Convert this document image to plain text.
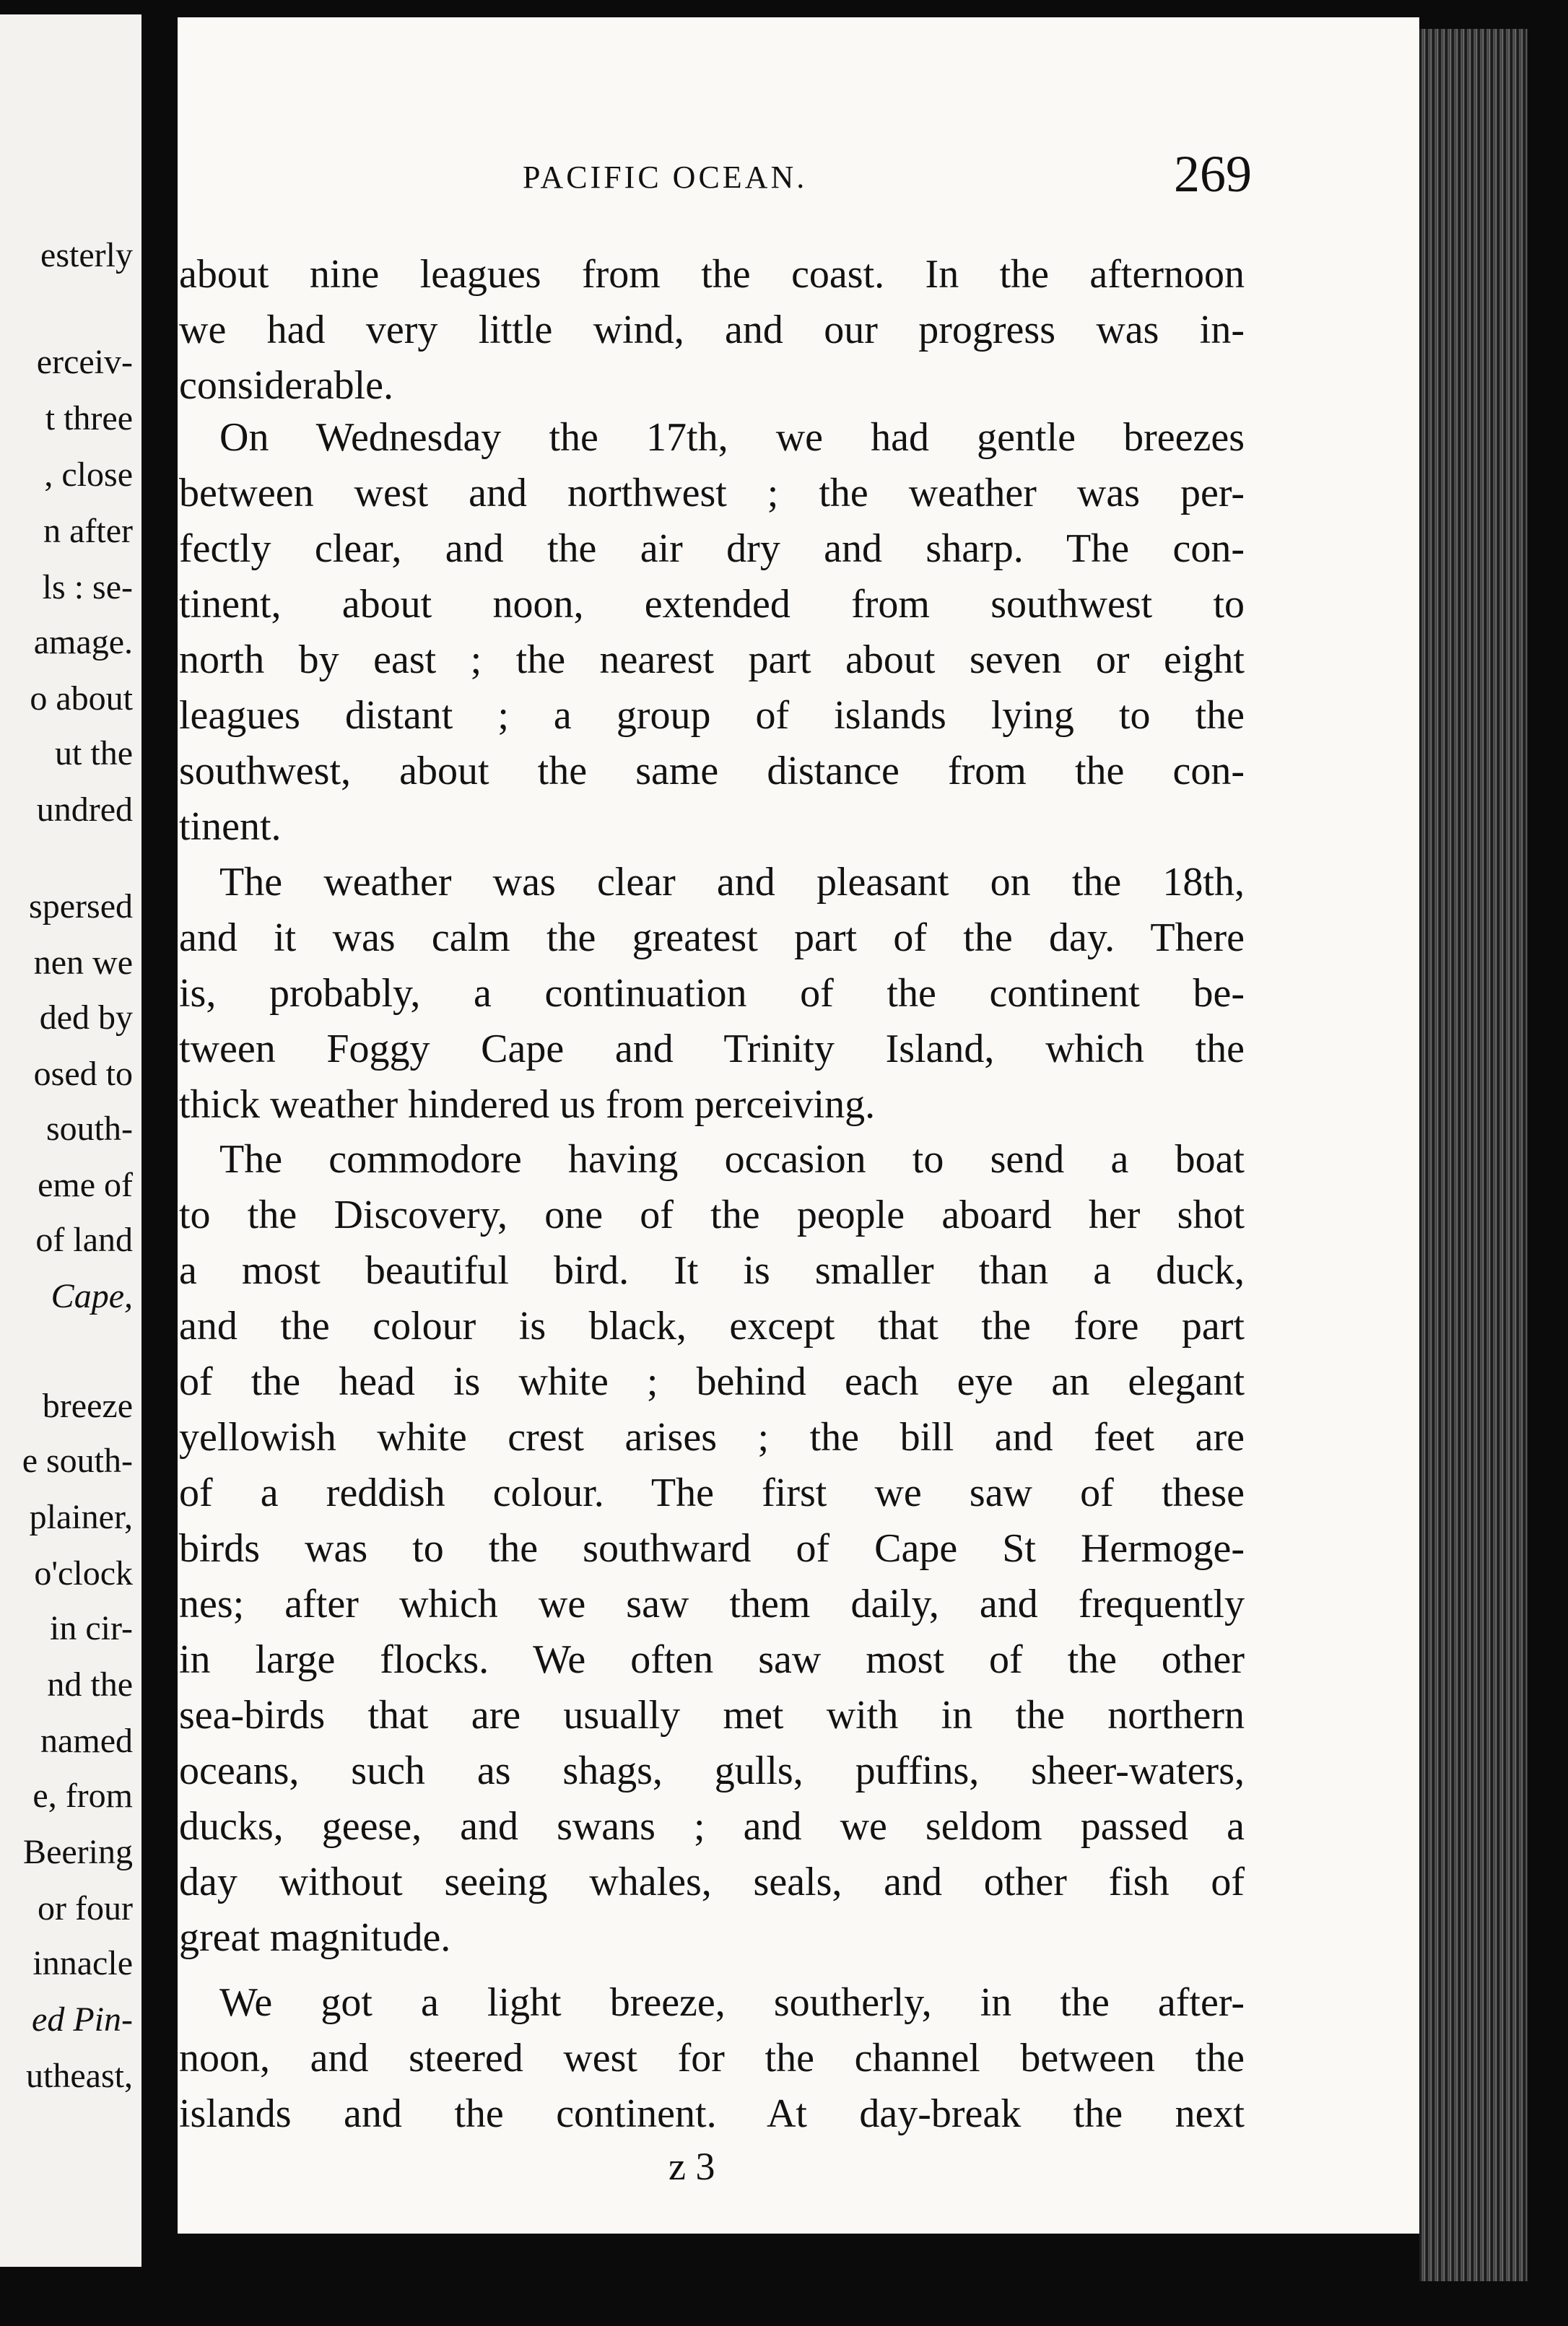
esterly
erceiv-
t three
, close
n after
ls : se-
amage.
o about
ut the
undred
spersed
nen we
ded by
osed to
south-
eme of
of land
Cape,
breeze
e south-
plainer,
o'clock
in cir-
nd the
named
e, from
Beering
or four
innacle
ed Pin-
utheast,
PACIFIC OCEAN.	269
about nine leagues from the coast. In the afternoon
we had very little wind, and our progress was in-
considerable.
On Wednesday the 17th, we had gentle breezes
between west and northwest ; the weather was per-
fectly clear, and the air dry and sharp. The con-
tinent, about noon, extended from southwest to
north by east ; the nearest part about seven or eight
leagues distant ; a group of islands lying to the
southwest, about the same distance from the con-
tinent.
The weather was clear and pleasant on the 18th,
and it was calm the greatest part of the day. There
is, probably, a continuation of the continent be-
tween Foggy Cape and Trinity Island, which the
thick weather hindered us from perceiving.
The commodore having occasion to send a boat
to the Discovery, one of the people aboard her shot
a most beautiful bird. It is smaller than a duck,
and the colour is black, except that the fore part
of the head is white ; behind each eye an elegant
yellowish white crest arises ; the bill and feet are
of a reddish colour. The first we saw of these
birds was to the southward of Cape St Hermoge-
nes; after which we saw them daily, and frequently
in large flocks. We often saw most of the other
sea-birds that are usually met with in the northern
oceans, such as shags, gulls, puffins, sheer-waters,
ducks, geese, and swans ; and we seldom passed a
day without seeing whales, seals, and other fish of
great magnitude.
We got a light breeze, southerly, in the after-
noon, and steered west for the channel between the
islands and the continent. At day-break the next
z 3
